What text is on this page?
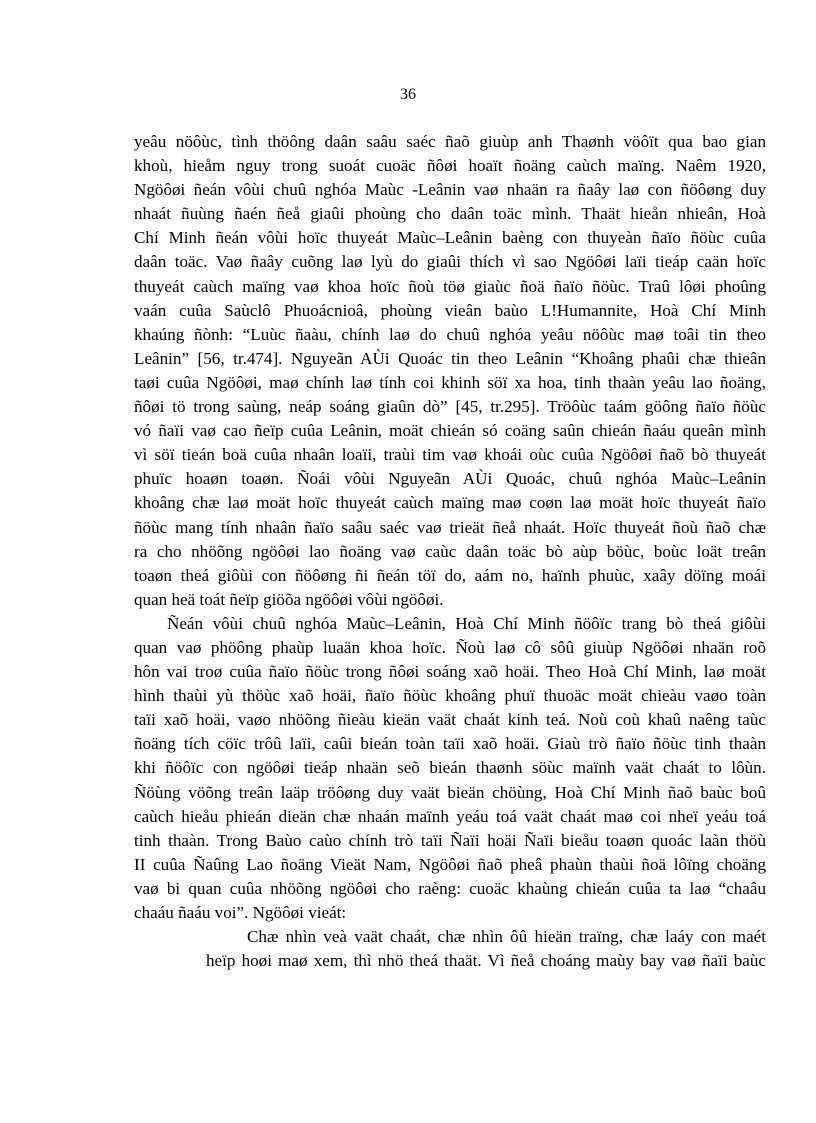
36
yeâu nöôùc, tình thöông daân saâu saéc ñaõ giuùp anh Thaønh vöôït qua bao gian
khoù, hieåm nguy trong suoát cuoäc ñôøi hoaït ñoäng caùch maïng. Naêm 1920,
Ngöôøi ñeán vôùi chuû nghóa Maùc -Leânin vaø nhaän ra ñaây laø con ñöôøng duy
nhaát ñuùng ñaén ñeå giaûi phoùng cho daân toäc mình. Thaät hieån nhieân, Hoà
Chí Minh ñeán vôùi hoïc thuyeát Maùc–Leânin baèng con thuyeàn ñaïo ñöùc cuûa
daân toäc. Vaø ñaây cuõng laø lyù do giaûi thích vì sao Ngöôøi laïi tieáp caän hoïc
thuyeát caùch maïng vaø khoa hoïc ñoù töø giaùc ñoä ñaïo ñöùc. Traû lôøi phoûng
vaán cuûa Saùclô Phuoácnioâ, phoùng vieân baùo L!Humannite, Hoà Chí Minh
khaúng ñònh: “Luùc ñaàu, chính laø do chuû nghóa yeâu nöôùc maø toâi tin theo
Leânin” [56, tr.474]. Nguyeãn AÙi Quoác tin theo Leânin “Khoâng phaûi chæ thieân
taøi cuûa Ngöôøi, maø chính laø tính coi khinh söï xa hoa, tinh thaàn yeâu lao ñoäng,
ñôøi tö trong saùng, neáp soáng giaûn dò” [45, tr.295]. Tröôùc taám göông ñaïo ñöùc
vó ñaïi vaø cao ñeïp cuûa Leânin, moät chieán só coäng saûn chieán ñaáu queân mình
vì söï tieán boä cuûa nhaân loaïi, traùi tim vaø khoái oùc cuûa Ngöôøi ñaõ bò thuyeát
phuïc hoaøn toaøn. Ñoái vôùi Nguyeãn AÙi Quoác, chuû nghóa Maùc–Leânin
khoâng chæ laø moät hoïc thuyeát caùch maïng maø coøn laø moät hoïc thuyeát ñaïo
ñöùc mang tính nhaân ñaïo saâu saéc vaø trieät ñeå nhaát. Hoïc thuyeát ñoù ñaõ chæ
ra cho nhöõng ngöôøi lao ñoäng vaø caùc daân toäc bò aùp böùc, boùc loät treân
toaøn theá giôùi con ñöôøng ñi ñeán töï do, aám no, haïnh phuùc, xaây döïng moái
quan heä toát ñeïp giöõa ngöôøi vôùi ngöôøi.
Ñeán vôùi chuû nghóa Maùc–Leânin, Hoà Chí Minh ñöôïc trang bò theá giôùi
quan vaø phöông phaùp luaän khoa hoïc. Ñoù laø cô sôû giuùp Ngöôøi nhaän roõ
hôn vai troø cuûa ñaïo ñöùc trong ñôøi soáng xaõ hoäi. Theo Hoà Chí Minh, laø moät
hình thaùi yù thöùc xaõ hoäi, ñaïo ñöùc khoâng phuï thuoäc moät chieàu vaøo toàn
taïi xaõ hoäi, vaøo nhöõng ñieàu kieän vaät chaát kinh teá. Noù coù khaû naêng taùc
ñoäng tích cöïc trôû laïi, caûi bieán toàn taïi xaõ hoäi. Giaù trò ñaïo ñöùc tinh thaàn
khi ñöôïc con ngöôøi tieáp nhaän seõ bieán thaønh söùc maïnh vaät chaát to lôùn.
Ñöùng vöõng treân laäp tröôøng duy vaät bieän chöùng, Hoà Chí Minh ñaõ baùc boû
caùch hieåu phieán dieän chæ nhaán maïnh yeáu toá vaät chaát maø coi nheï yeáu toá
tinh thaàn. Trong Baùo caùo chính trò taïi Ñaïi hoäi Ñaïi bieåu toaøn quoác laàn thöù
II cuûa Ñaûng Lao ñoäng Vieät Nam, Ngöôøi ñaõ pheâ phaùn thaùi ñoä lôïng choäng
vaø bi quan cuûa nhöõng ngöôøi cho raèng: cuoäc khaùng chieán cuûa ta laø “chaâu
chaáu ñaáu voi”. Ngöôøi vieát:
Chæ nhìn veà vaät chaát, chæ nhìn ôû hieän traïng, chæ laáy con maét
heïp hoøi maø xem, thì nhö theá thaät. Vì ñeå choáng maùy bay vaø ñaïi baùc
